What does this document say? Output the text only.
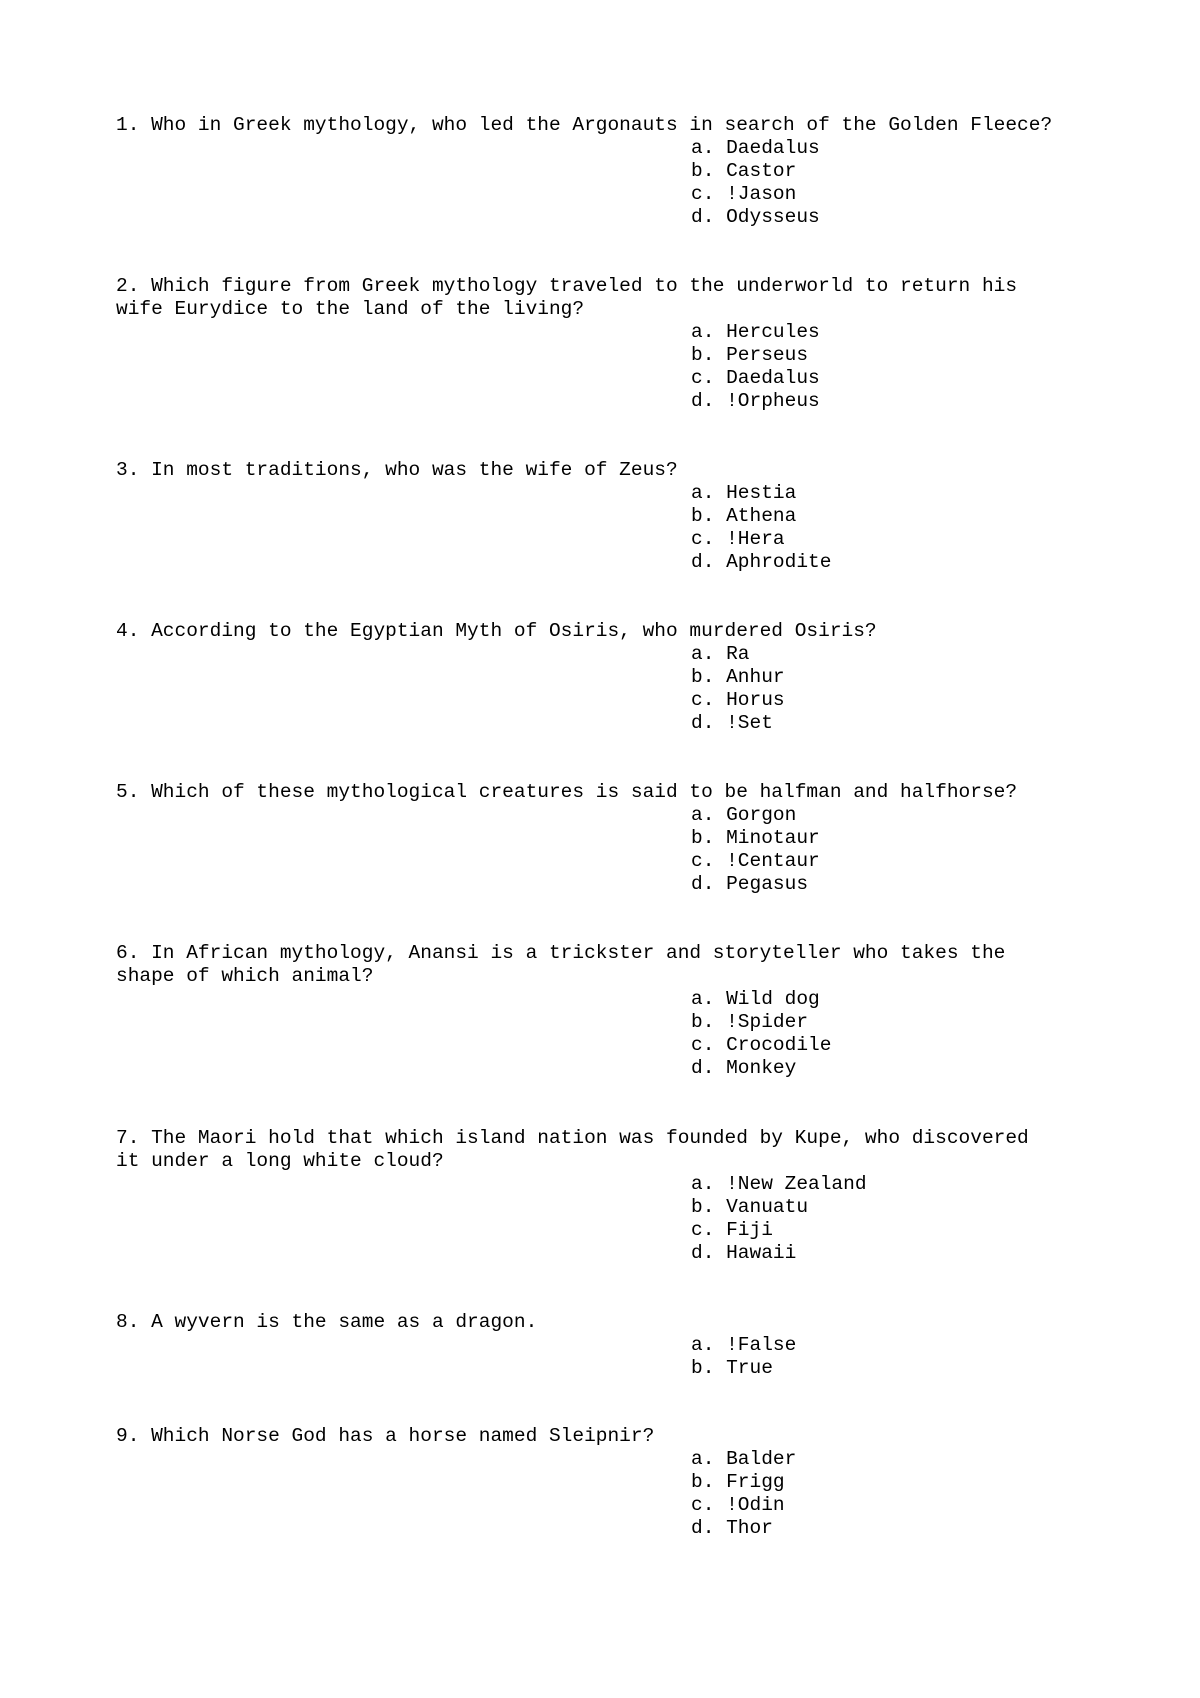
1. Who in Greek mythology, who led the Argonauts in search of the Golden Fleece?

a. Daedalus
b. Castor
c. !Jason
d. Odysseus

2. Which figure from Greek mythology traveled to the underworld to return his
wife Eurydice to the land of the living?

a. Hercules
b. Perseus
c. Daedalus
d. !Orpheus

3. In most traditions, who was the wife of Zeus?

a. Hestia
b. Athena
c. !Hera
d. Aphrodite

4. According to the Egyptian Myth of Osiris, who murdered Osiris?

a. Ra
b. Anhur
c. Horus
d. !Set

5. Which of these mythological creatures is said to be halfman and halfhorse?

a. Gorgon
b. Minotaur
c. !Centaur
d. Pegasus

6. In African mythology, Anansi is a trickster and storyteller who takes the
shape of which animal?

a. Wild dog
b. !Spider
c. Crocodile
d. Monkey

7. The Maori hold that which island nation was founded by Kupe, who discovered
it under a long white cloud?

a. !New Zealand
b. Vanuatu
c. Fiji
d. Hawaii

8. A wyvern is the same as a dragon.

a. !False
b. True

9. Which Norse God has a horse named Sleipnir?

a. Balder
b. Frigg
c. !Odin
d. Thor
